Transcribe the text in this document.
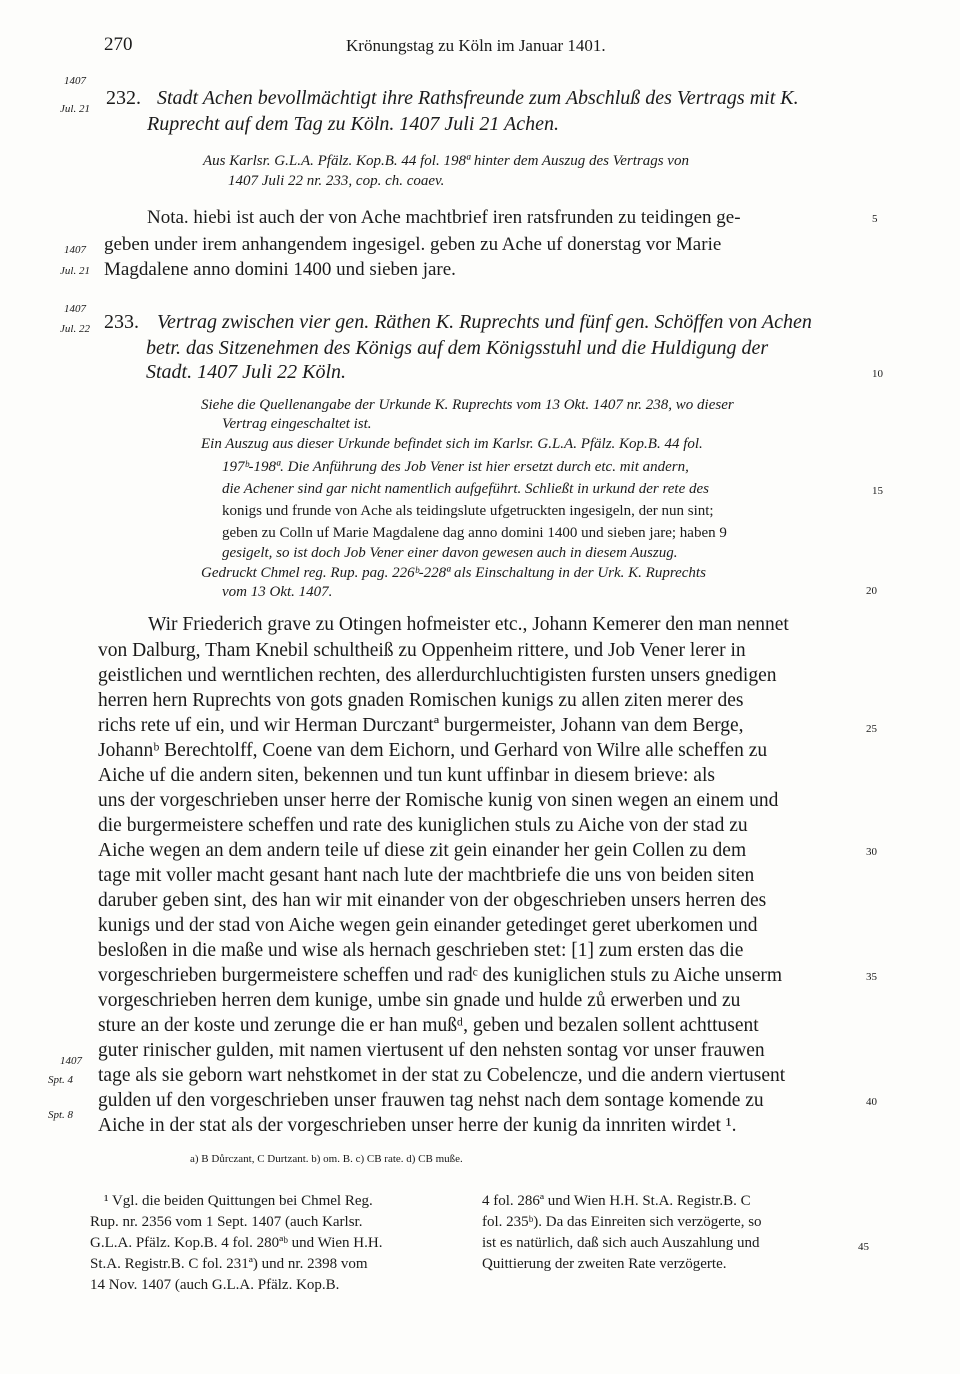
270	Krönungstag zu Köln im Januar 1401.
1407
Jul. 21 232. Stadt Achen bevollmächtigt ihre Rathsfreunde zum Abschluß des Vertrags mit K.
Ruprecht auf dem Tag zu Köln. 1407 Juli 21 Achen.
Aus Karlsr. G.L.A. Pfälz. Kop.B. 44 fol. 198ª hinter dem Auszug des Vertrags von
1407 Juli 22 nr. 233, cop. ch. coaev.
Nota. hiebi ist auch der von Ache machtbrief iren ratsfrunden zu teidingen ge-	5
1407 geben under irem anhangendem ingesigel. geben zu Ache uf donerstag vor Marie
Jul. 21 Magdalene anno domini 1400 und sieben jare.
1407
Jul. 22 233. Vertrag zwischen vier gen. Räthen K. Ruprechts und fünf gen. Schöffen von Achen
betr. das Sitzenehmen des Königs auf dem Königsstuhl und die Huldigung der
Stadt. 1407 Juli 22 Köln.	10
Siehe die Quellenangabe der Urkunde K. Ruprechts vom 13 Okt. 1407 nr. 238, wo dieser
Vertrag eingeschaltet ist.
Ein Auszug aus dieser Urkunde befindet sich im Karlsr. G.L.A. Pfälz. Kop.B. 44 fol.
197ᵇ-198ª. Die Anführung des Job Vener ist hier ersetzt durch etc. mit andern,
die Achener sind gar nicht namentlich aufgeführt. Schließt in urkund der rete des	15
konigs und frunde von Ache als teidingslute ufgetruckten ingesigeln, der nun sint;
geben zu Colln uf Marie Magdalene dag anno domini 1400 und sieben jare; haben 9
gesigelt, so ist doch Job Vener einer davon gewesen auch in diesem Auszug.
Gedruckt Chmel reg. Rup. pag. 226ᵇ-228ª als Einschaltung in der Urk. K. Ruprechts
vom 13 Okt. 1407.	20
Wir Friederich grave zu Otingen hofmeister etc., Johann Kemerer den man nennet
von Dalburg, Tham Knebil schultheiß zu Oppenheim rittere, und Job Vener lerer in
geistlichen und werntlichen rechten, des allerdurchluchtigisten fursten unsers gnedigen
herren hern Ruprechts von gots gnaden Romischen kunigs zu allen ziten merer des
richs rete uf ein, und wir Herman Durczantª burgermeister, Johann van dem Berge,
Johannᵇ Berechtolff, Coene van dem Eichorn, und Gerhard von Wilre alle scheffen zu
Aiche uf die andern siten, bekennen und tun kunt uffinbar in diesem brieve: als
uns der vorgeschrieben unser herre der Romische kunig von sinen wegen an einem und
die burgermeistere scheffen und rate des kuniglichen stuls zu Aiche von der stad zu
Aiche wegen an dem andern teile uf diese zit gein einander her gein Collen zu dem
tage mit voller macht gesant hant nach lute der machtbriefe die uns von beiden siten
daruber geben sint, des han wir mit einander von der obgeschrieben unsers herren des
kunigs und der stad von Aiche wegen gein einander getedinget geret uberkomen und
besloßen in die maße und wise als hernach geschrieben stet: [1] zum ersten das die
vorgeschrieben burgermeistere scheffen und radᶜ des kuniglichen stuls zu Aiche unserm
vorgeschrieben herren dem kunige, umbe sin gnade und hulde zů erwerben und zu
sture an der koste und zerunge die er han mußᵈ, geben und bezalen sollent achttusent
guter rinischer gulden, mit namen viertusent uf den nehsten sontag vor unser frauwen
tage als sie geborn wart nehstkomet in der stat zu Cobelencze, und die andern viertusent
gulden uf den vorgeschrieben unser frauwen tag nehst nach dem sontage komende zu
Aiche in der stat als der vorgeschrieben unser herre der kunig da innriten wirdet ¹.
25
30
35
40
1407
Spt. 4
Spt. 8
a) B Důrczant, C Durtzant. b) om. B. c) CB rate. d) CB muße.
¹ Vgl. die beiden Quittungen bei Chmel Reg.
Rup. nr. 2356 vom 1 Sept. 1407 (auch Karlsr.
G.L.A. Pfälz. Kop.B. 4 fol. 280ªᵇ und Wien H.H.
St.A. Registr.B. C fol. 231ª) und nr. 2398 vom
14 Nov. 1407 (auch G.L.A. Pfälz. Kop.B.
4 fol. 286ª und Wien H.H. St.A. Registr.B. C
fol. 235ᵇ). Da das Einreiten sich verzögerte, so
ist es natürlich, daß sich auch Auszahlung und
Quittierung der zweiten Rate verzögerte.
45
